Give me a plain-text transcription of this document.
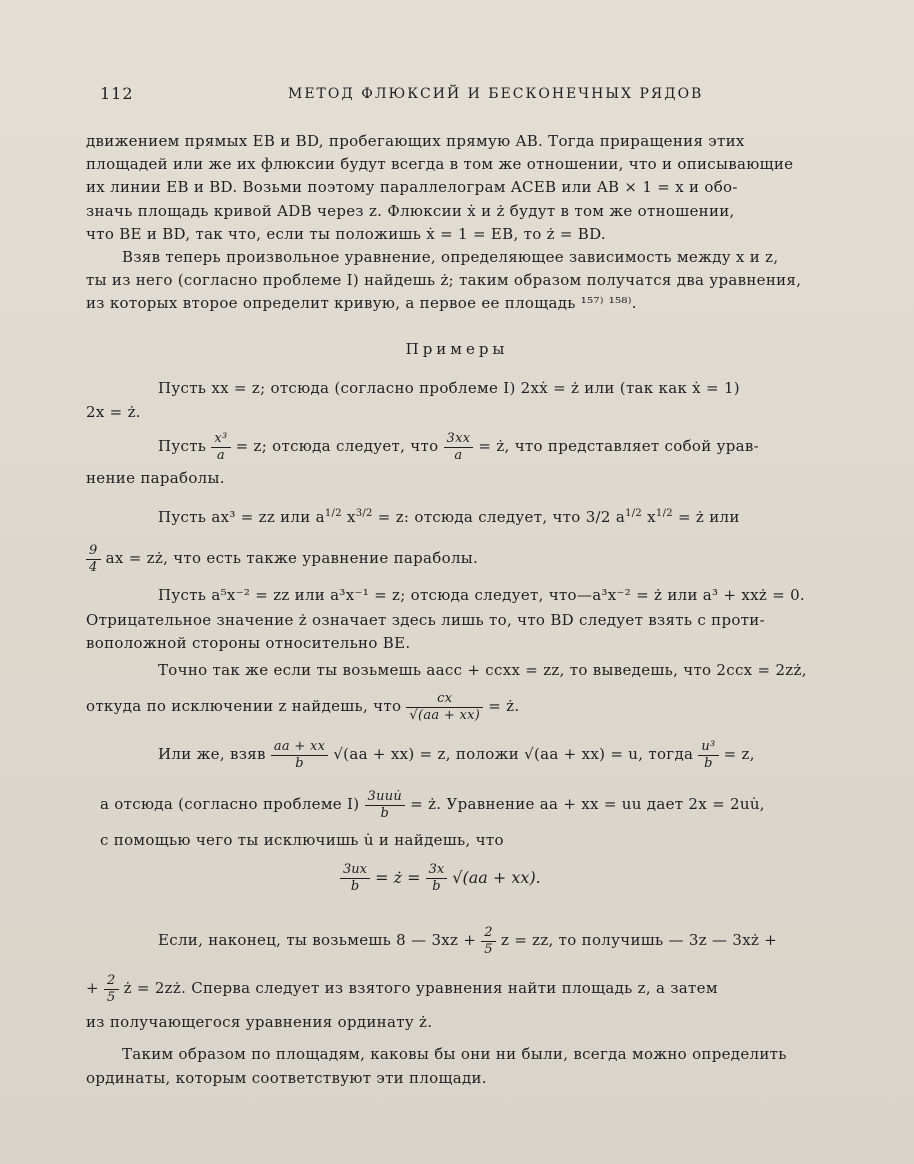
112	МЕТОД ФЛЮКСИЙ И БЕСКОНЕЧНЫХ РЯДОВ
движением прямых EB и BD, пробегающих прямую AB. Тогда приращения этих
площадей или же их флюксии будут всегда в том же отношении, что и описывающие
их линии EB и BD. Возьми поэтому параллелограм ACEB или AB × 1 = x и обо-
значь площадь кривой ADB через z. Флюксии ẋ и ż будут в том же отношении,
что BE и BD, так что, если ты положишь ẋ = 1 = EB, то ż = BD.
Взяв теперь произвольное уравнение, определяющее зависимость между x и z,
ты из него (согласно проблеме I) найдешь ż; таким образом получатся два уравнения,
из которых второе определит кривую, а первое ее площадь ¹⁵⁷⁾ ¹⁵⁸⁾.
Примеры
Пусть xx = z; отсюда (согласно проблеме I) 2xẋ = ż или (так как ẋ = 1)
2x = ż.
Пусть $\frac{\text{x³}}{a} = z$; отсюда следует, что $\frac{3xx}{a}$ = ż, что представляет собой урав-
нение параболы.
Пусть ax³ = zz или $a^{1/2}$ $x^{3/2} = z$: отсюда следует, что 3/2 $a^{1/2}$ $x^{1/2}$ = ż или
$\frac{9}{4}$ ax = zż, что есть также уравнение параболы.
Пусть a⁵x⁻² = zz или a³x⁻¹ = z; отсюда следует, что—a³x⁻² = ż или a³ + xxż = 0.
Отрицательное значение ż означает здесь лишь то, что BD следует взять с проти-
воположной стороны относительно BE.
Точно так же если ты возьмешь aacc + ccxx = zz, то выведешь, что 2ccx = 2zż,
откуда по исключении z найдешь, что $\frac{cx}{√(aa + xx)}$ = ż.
Или же, взяв $\frac{aa + xx}{b} √(aa + xx) = z$, положи √(aa + xx) = u, тогда $\frac{\text{u³}}{b} = z$,
а отсюда (согласно проблеме $I) \frac{\text{3uuu̇}}{b}$ = ż. Уравнение aa + xx = uu дает 2x = 2uu̇,
с помощью чего ты исключишь u̇ и найдешь, что
$\frac{3ux}{b}$ = ż = $\frac{3x}{b} √(aa + xx)$.
Если, наконец, ты возьмешь 8 — $3xz + \frac{2}{5}$ z = zz, то получишь — 3z — 3xż +
+ $\frac{2}{5}$ ż = 2zż. Сперва следует из взятого уравнения найти площадь z, а затем
из получающегося уравнения ординату ż.
Таким образом по площадям, каковы бы они ни были, всегда можно определить
ординаты, которым соответствуют эти площади.
